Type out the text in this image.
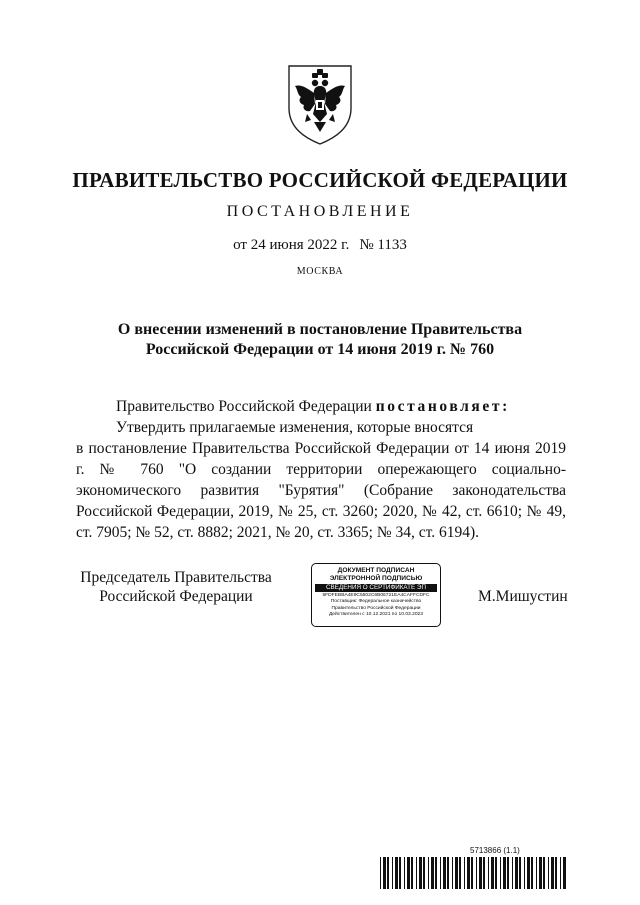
ПРАВИТЕЛЬСТВО РОССИЙСКОЙ ФЕДЕРАЦИИ
ПОСТАНОВЛЕНИЕ
от 24 июня 2022 г. № 1133
МОСКВА
О внесении изменений в постановление Правительства
Российской Федерации от 14 июня 2019 г. № 760

Правительство Российской Федерации постановляет:

Утвердить прилагаемые изменения, которые вносятся

в постановление Правительства Российской Федерации от 14 июня 2019 г. № 760 "О создании территории опережающего социально-экономического развития "Бурятия" (Собрание законодательства Российской Федерации, 2019, № 25, ст. 3260; 2020, № 42, ст. 6610; № 49, ст. 7905; № 52, ст. 8882; 2021, № 20, ст. 3365; № 34, ст. 6194).

Председатель Правительства
Российской Федерации
ДОКУМЕНТ ПОДПИСАН
ЭЛЕКТРОННОЙ ПОДПИСЬЮ
СВЕДЕНИЯ О СЕРТИФИКАТЕ ЭП
5FDFEBBA4E9C5502C6B06721EA4CAFFCDFC
Поставщик: Федеральное казначейство
Правительство Российской Федерации
Действителен с 10.12.2021 по 10.03.2023
М.Мишустин
5713866 (1.1)
